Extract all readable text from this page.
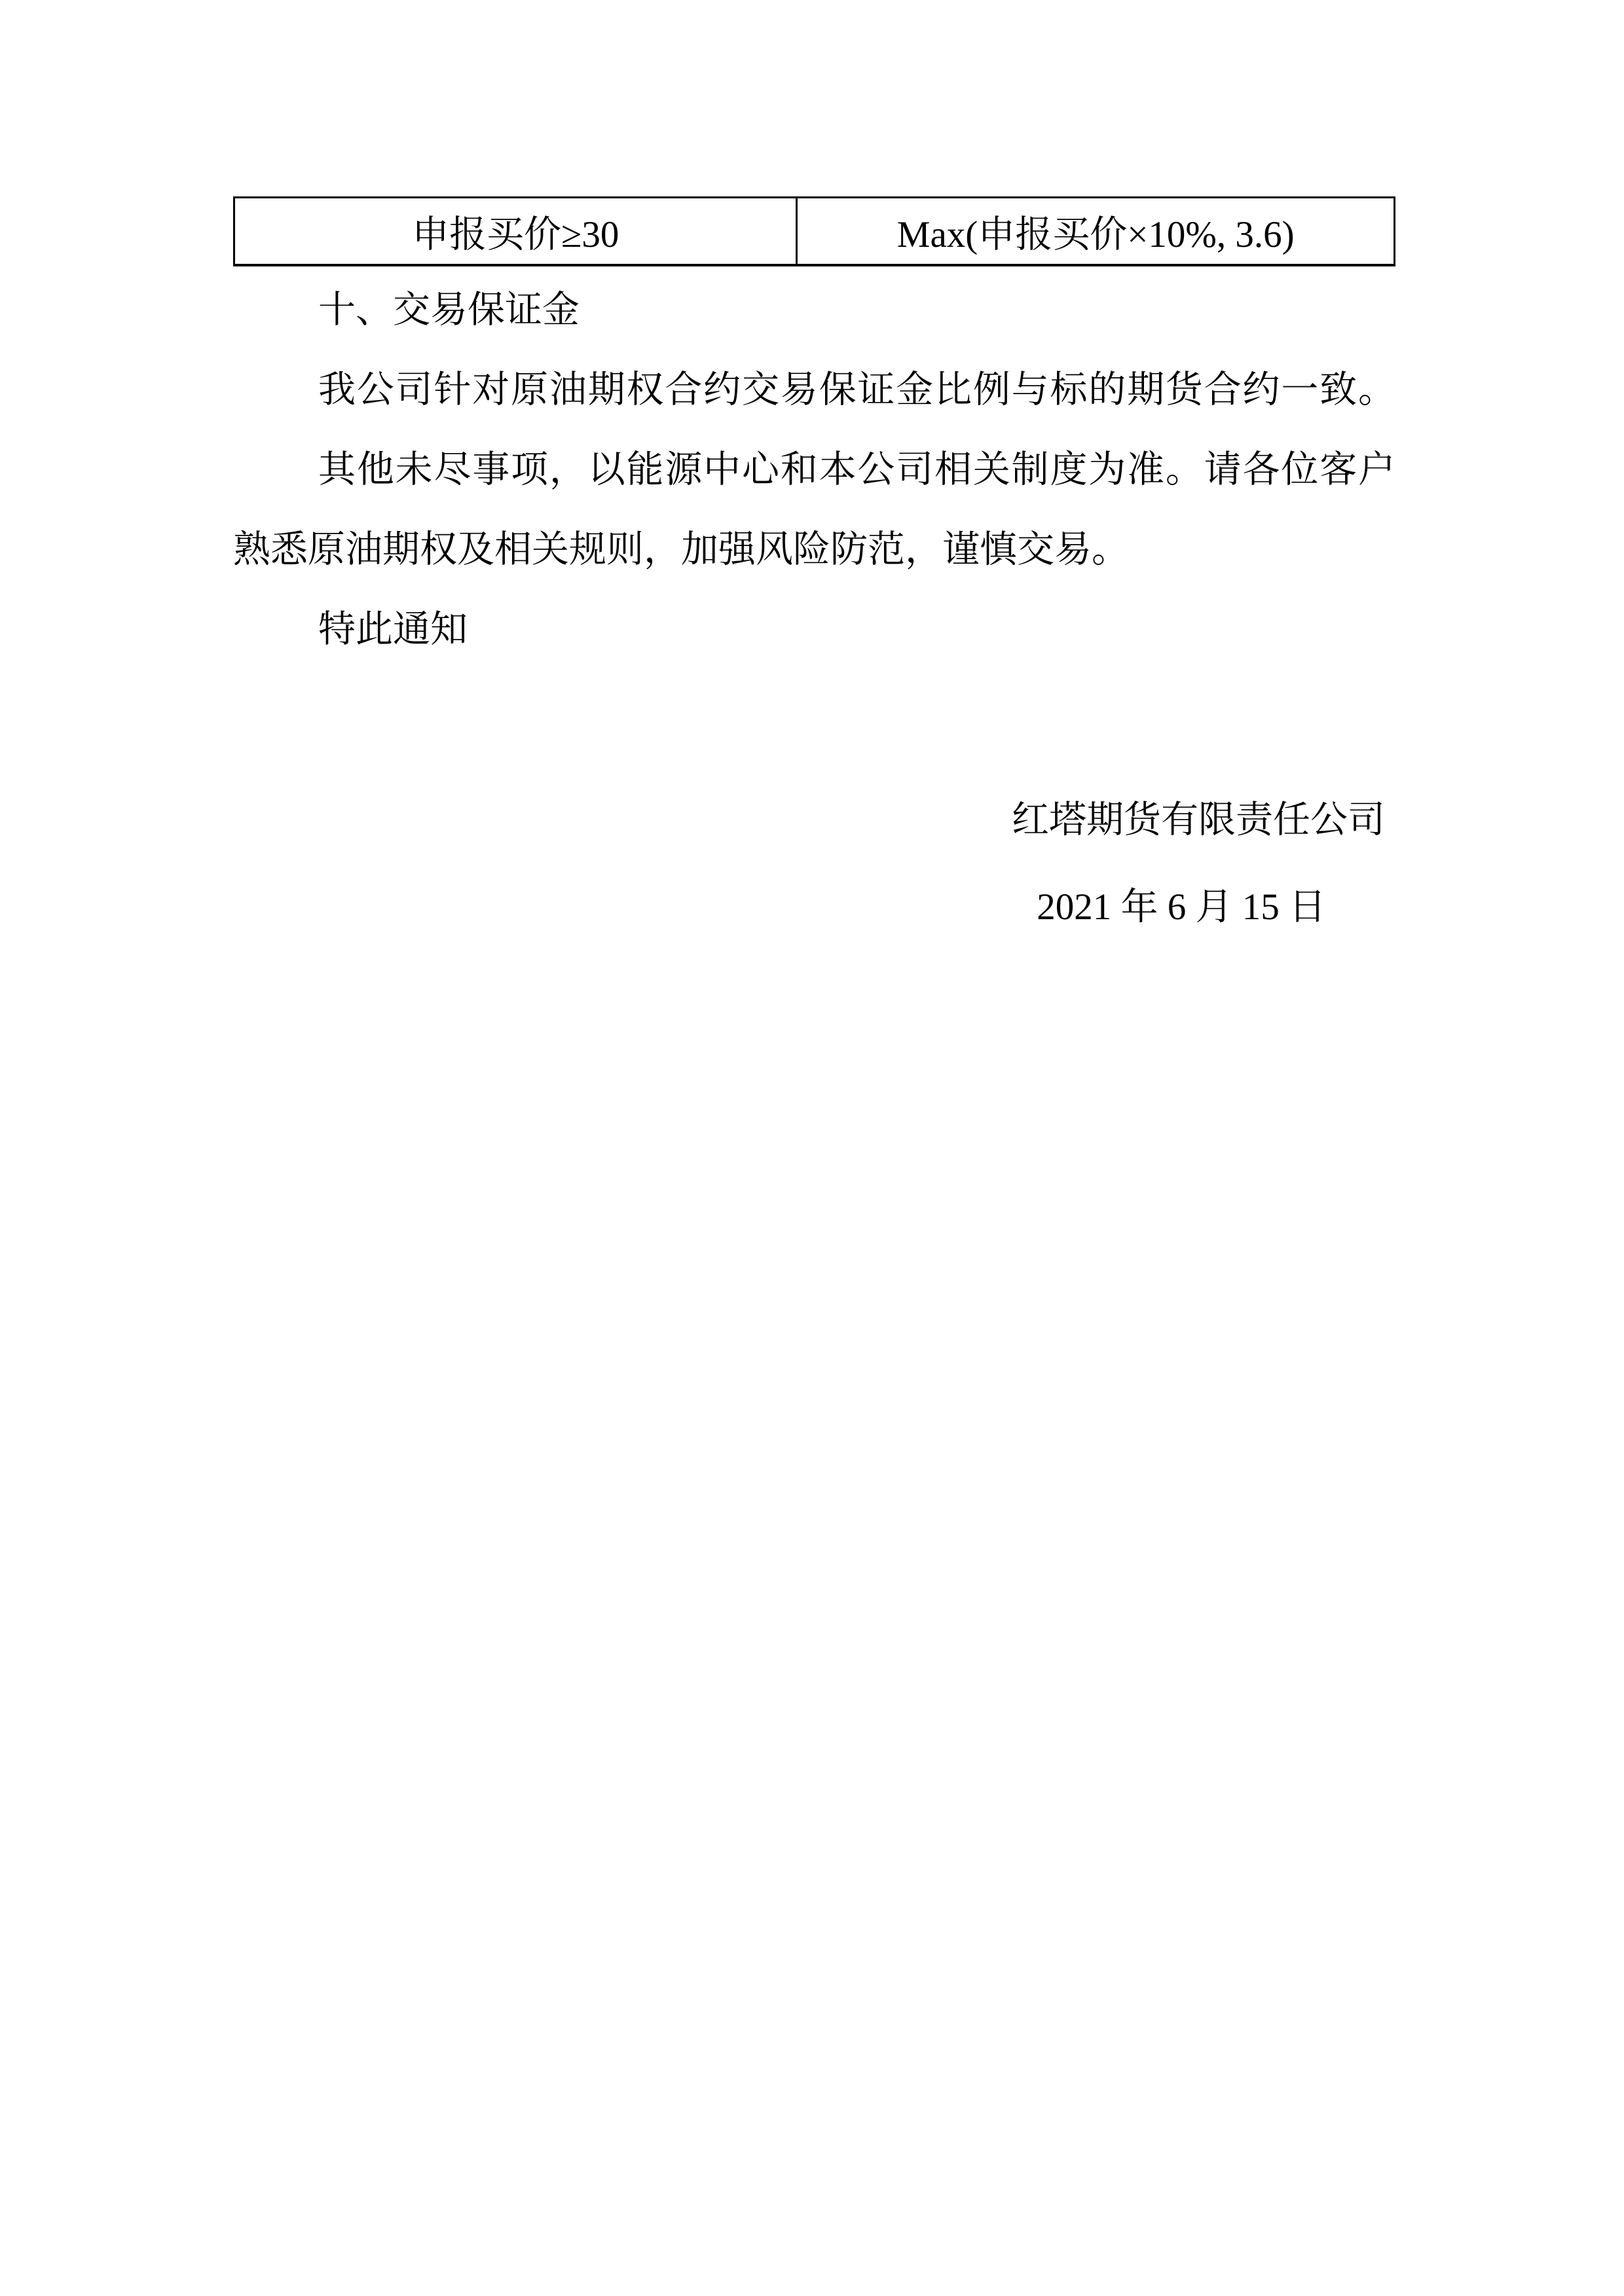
申报买价≥30	Max(申报买价×10%, 3.6)
十、交易保证金
我公司针对原油期权合约交易保证金比例与标的期货合约一致。
其他未尽事项，以能源中心和本公司相关制度为准。请各位客户
熟悉原油期权及相关规则，加强风险防范，谨慎交易。
特此通知
红塔期货有限责任公司
2021 年 6 月 15 日
